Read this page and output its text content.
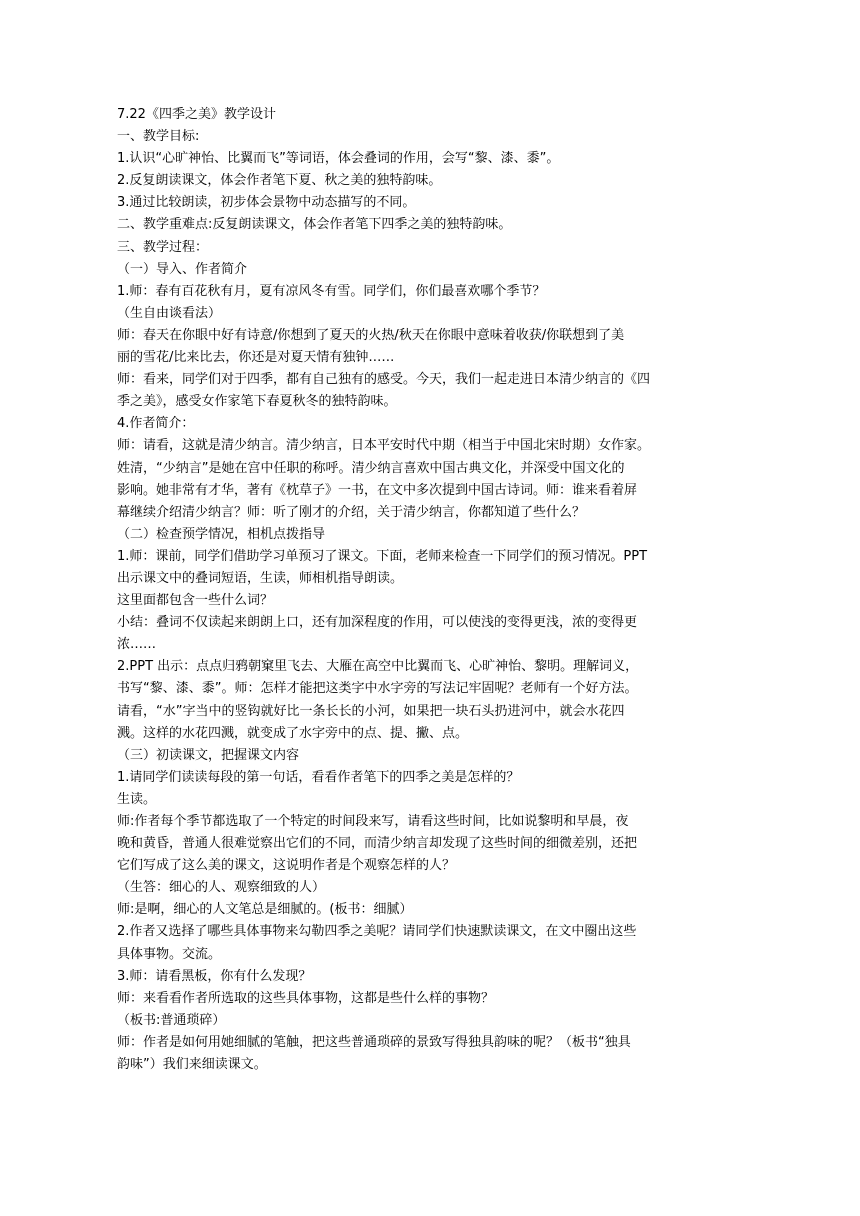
7.22《四季之美》教学设计
一、教学目标:
1.认识“心旷神怡、比翼而飞”等词语，体会叠词的作用，会写“黎、漆、黍”。
2.反复朗读课文，体会作者笔下夏、秋之美的独特韵味。
3.通过比较朗读，初步体会景物中动态描写的不同。
二、教学重难点:反复朗读课文，体会作者笔下四季之美的独特韵味。
三、教学过程：
（一）导入、作者简介
1.师：春有百花秋有月，夏有凉风冬有雪。同学们，你们最喜欢哪个季节？
（生自由谈看法）
师：春天在你眼中好有诗意/你想到了夏天的火热/秋天在你眼中意味着收获/你联想到了美
丽的雪花/比来比去，你还是对夏天情有独钟……
师：看来，同学们对于四季，都有自己独有的感受。今天，我们一起走进日本清少纳言的《四
季之美》，感受女作家笔下春夏秋冬的独特韵味。
4.作者简介：
师：请看，这就是清少纳言。清少纳言，日本平安时代中期（相当于中国北宋时期）女作家。
姓清，“少纳言”是她在宫中任职的称呼。清少纳言喜欢中国古典文化，并深受中国文化的
影响。她非常有才华，著有《枕草子》一书，在文中多次提到中国古诗词。师：谁来看着屏
幕继续介绍清少纳言？师：听了刚才的介绍，关于清少纳言，你都知道了些什么？
（二）检查预学情况，相机点拨指导
1.师：课前，同学们借助学习单预习了课文。下面，老师来检查一下同学们的预习情况。PPT
出示课文中的叠词短语，生读，师相机指导朗读。
这里面都包含一些什么词？
小结：叠词不仅读起来朗朗上口，还有加深程度的作用，可以使浅的变得更浅，浓的变得更
浓……
2.PPT 出示：点点归鸦朝窠里飞去、大雁在高空中比翼而飞、心旷神怡、黎明。理解词义，
书写“黎、漆、黍”。师：怎样才能把这类字中水字旁的写法记牢固呢？老师有一个好方法。
请看，“水”字当中的竖钩就好比一条长长的小河，如果把一块石头扔进河中，就会水花四
溅。这样的水花四溅，就变成了水字旁中的点、提、撇、点。
（三）初读课文，把握课文内容
1.请同学们读读每段的第一句话，看看作者笔下的四季之美是怎样的？
生读。
师:作者每个季节都选取了一个特定的时间段来写，请看这些时间，比如说黎明和早晨，夜
晚和黄昏，普通人很难觉察出它们的不同，而清少纳言却发现了这些时间的细微差别，还把
它们写成了这么美的课文，这说明作者是个观察怎样的人？
（生答：细心的人、观察细致的人）
师:是啊，细心的人文笔总是细腻的。(板书：细腻）
2.作者又选择了哪些具体事物来勾勒四季之美呢？请同学们快速默读课文，在文中圈出这些
具体事物。交流。
3.师：请看黑板，你有什么发现？
师：来看看作者所选取的这些具体事物，这都是些什么样的事物？
（板书:普通琐碎）
师：作者是如何用她细腻的笔触，把这些普通琐碎的景致写得独具韵味的呢？（板书“独具
韵味”）我们来细读课文。
